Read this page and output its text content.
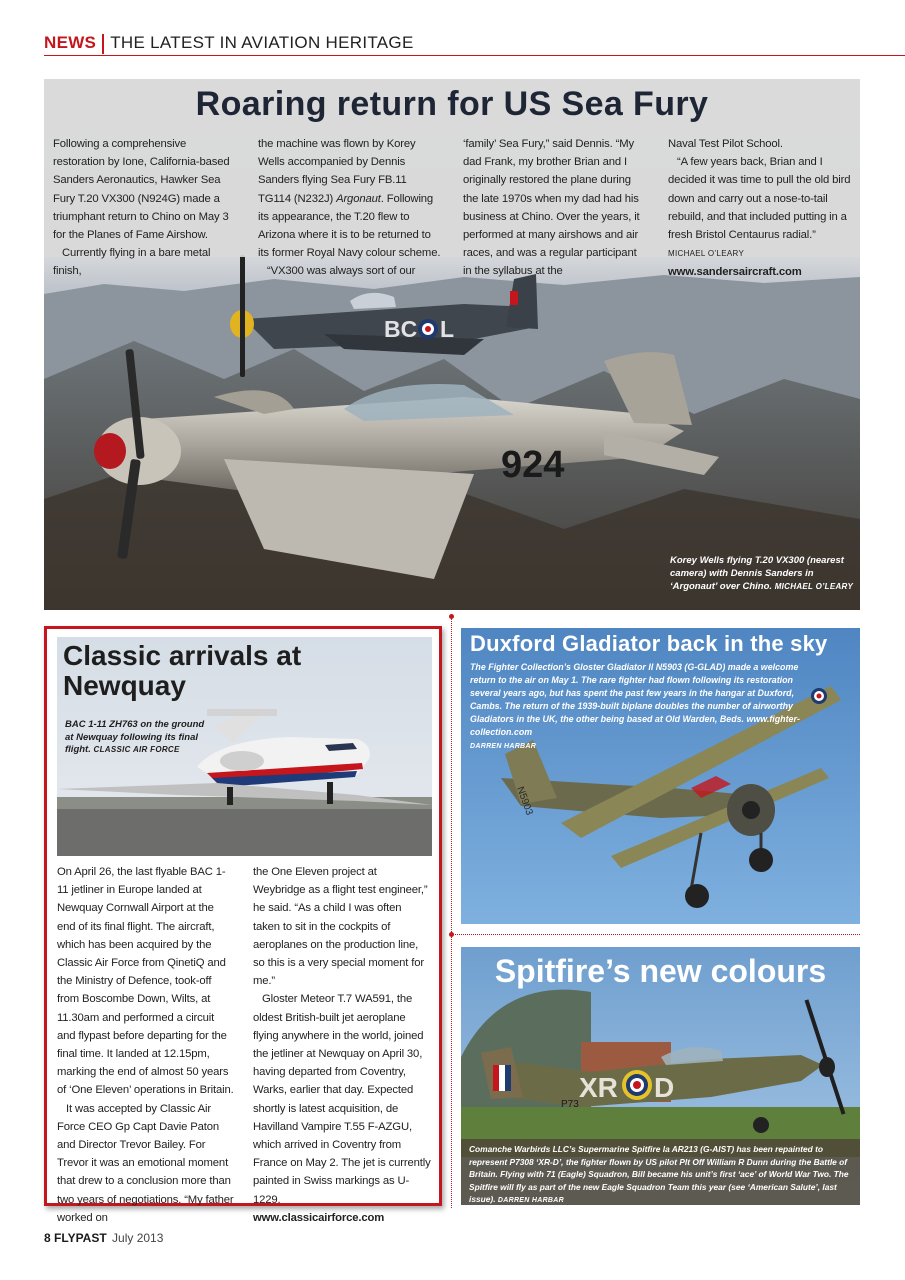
NEWS THE LATEST IN AVIATION HERITAGE
BC L
924
Roaring return for US Sea Fury

Following a comprehensive restoration by Ione, California-based Sanders Aeronautics, Hawker Sea Fury T.20 VX300 (N924G) made a triumphant return to Chino on May 3 for the Planes of Fame Airshow.

Currently flying in a bare metal finish,

the machine was flown by Korey Wells accompanied by Dennis Sanders flying Sea Fury FB.11 TG114 (N232J) Argonaut. Following its appearance, the T.20 flew to Arizona where it is to be returned to its former Royal Navy colour scheme.

“VX300 was always sort of our

‘family’ Sea Fury,” said Dennis. “My dad Frank, my brother Brian and I originally restored the plane during the late 1970s when my dad had his business at Chino. Over the years, it performed at many airshows and air races, and was a regular participant in the syllabus at the

Naval Test Pilot School.

“A few years back, Brian and I decided it was time to pull the old bird down and carry out a nose-to-tail rebuild, and that included putting in a fresh Bristol Centaurus radial.” MICHAEL O’LEARY

www.sandersaircraft.com

Korey Wells flying T.20 VX300 (nearest camera) with Dennis Sanders in ‘Argonaut’ over Chino. MICHAEL O’LEARY

Classic arrivals at Newquay

BAC 1-11 ZH763 on the ground at Newquay following its final flight. CLASSIC AIR FORCE

On April 26, the last flyable BAC 1-11 jetliner in Europe landed at Newquay Cornwall Airport at the end of its final flight. The aircraft, which has been acquired by the Classic Air Force from QinetiQ and the Ministry of Defence, took-off from Boscombe Down, Wilts, at 11.30am and performed a circuit and flypast before departing for the final time. It landed at 12.15pm, marking the end of almost 50 years of ‘One Eleven’ operations in Britain.

It was accepted by Classic Air Force CEO Gp Capt Davie Paton and Director Trevor Bailey. For Trevor it was an emotional moment that drew to a conclusion more than two years of negotiations. “My father worked on

the One Eleven project at Weybridge as a flight test engineer,” he said. “As a child I was often taken to sit in the cockpits of aeroplanes on the production line, so this is a very special moment for me.”

Gloster Meteor T.7 WA591, the oldest British-built jet aeroplane flying anywhere in the world, joined the jetliner at Newquay on April 30, having departed from Coventry, Warks, earlier that day. Expected shortly is latest acquisition, de Havilland Vampire T.55 F-AZGU, which arrived in Coventry from France on May 2. The jet is currently painted in Swiss markings as U-1229.

www.classicairforce.com

N5903
Duxford Gladiator back in the sky

The Fighter Collection’s Gloster Gladiator II N5903 (G-GLAD) made a welcome return to the air on May 1. The rare fighter had flown following its restoration several years ago, but has spent the past few years in the hangar at Duxford, Cambs. The return of the 1939-built biplane doubles the number of airworthy Gladiators in the UK, the other being based at Old Warden, Beds. www.fighter-collection.com
DARREN HARBAR

XR D
P73
Spitfire’s new colours

Comanche Warbirds LLC’s Supermarine Spitfire Ia AR213 (G-AIST) has been repainted to represent P7308 ‘XR-D’, the fighter flown by US pilot Plt Off William R Dunn during the Battle of Britain. Flying with 71 (Eagle) Squadron, Bill became his unit’s first ‘ace’ of World War Two. The Spitfire will fly as part of the new Eagle Squadron Team this year (see ‘American Salute’, last issue). DARREN HARBAR

8 FLYPAST July 2013
